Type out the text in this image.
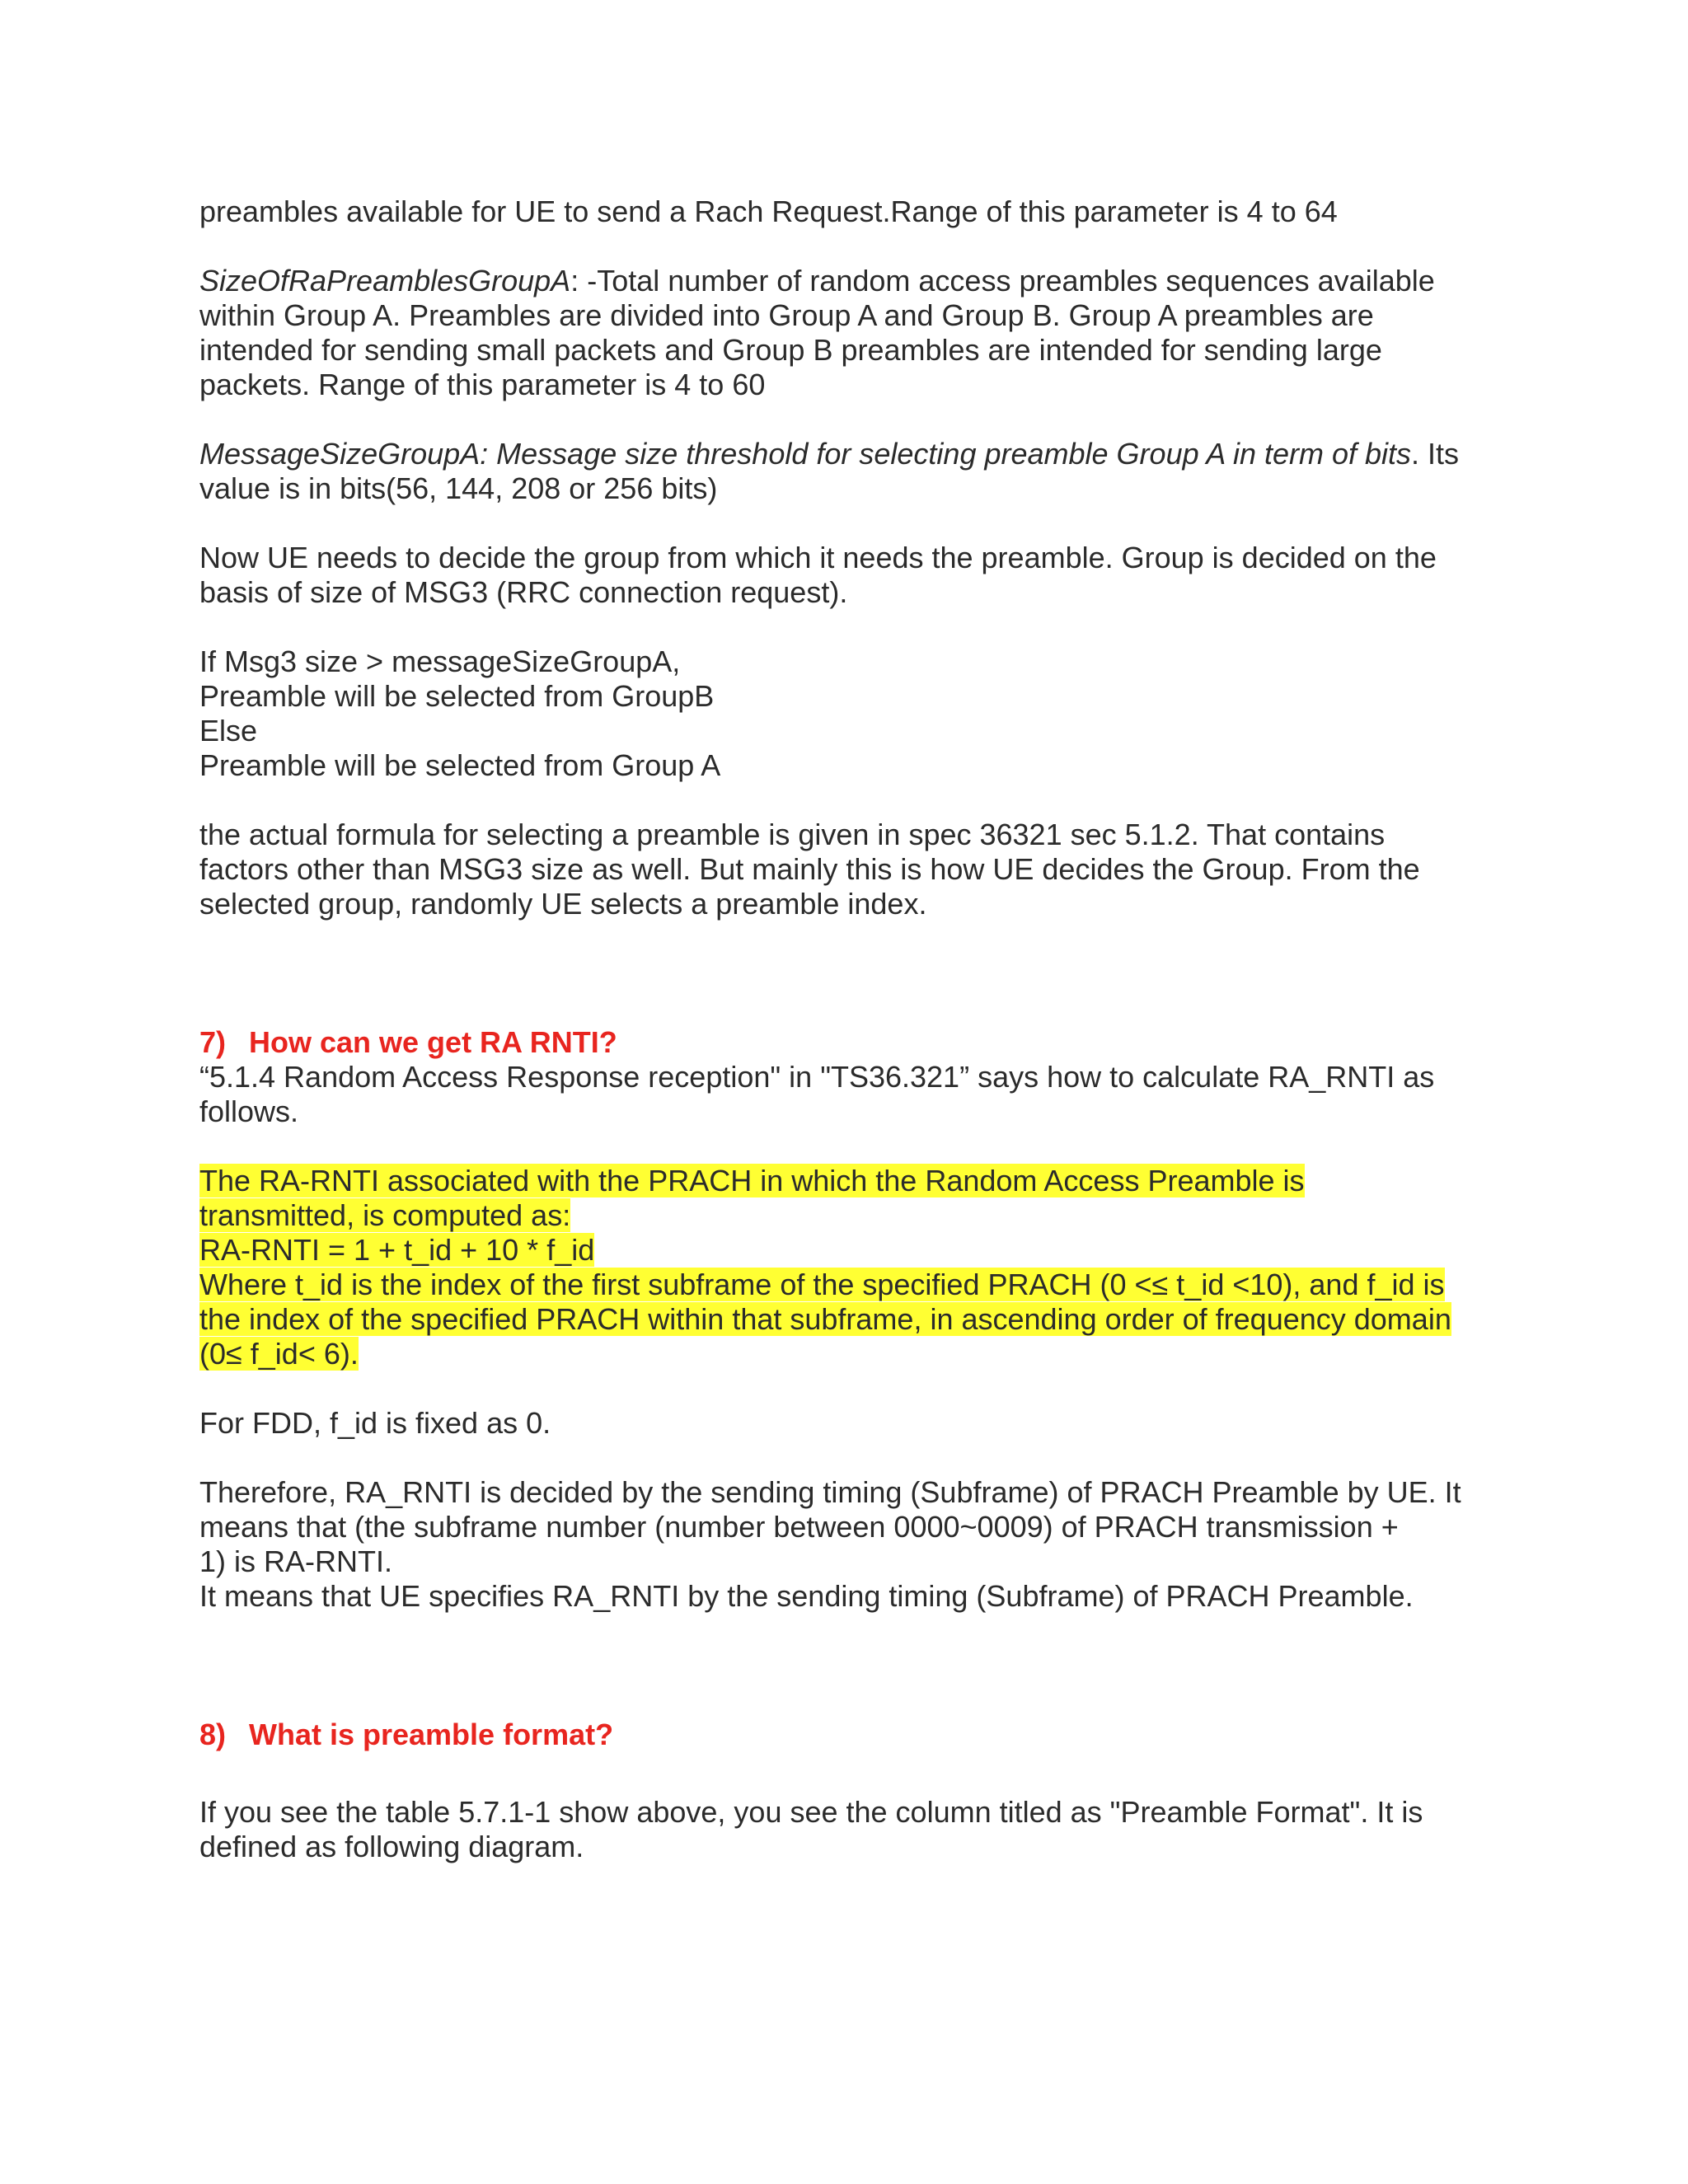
preambles available for UE to send a Rach Request.Range of this parameter is 4 to 64

SizeOfRaPreamblesGroupA: -Total number of random access preambles sequences available
within Group A. Preambles are divided into Group A and Group B. Group A preambles are
intended for sending small packets and Group B preambles are intended for sending large
packets. Range of this parameter is 4 to 60

MessageSizeGroupA: Message size threshold for selecting preamble Group A in term of bits. Its
value is in bits(56, 144, 208 or 256 bits)

Now UE needs to decide the group from which it needs the preamble. Group is decided on the
basis of size of MSG3 (RRC connection request).

If Msg3 size > messageSizeGroupA,
Preamble will be selected from GroupB
Else
Preamble will be selected from Group A

the actual formula for selecting a preamble is given in spec 36321 sec 5.1.2. That contains
factors other than MSG3 size as well. But mainly this is how UE decides the Group. From the
selected group, randomly UE selects a preamble index.

7) How can we get RA RNTI?

“5.1.4 Random Access Response reception" in "TS36.321” says how to calculate RA_RNTI as
follows.

The RA-RNTI associated with the PRACH in which the Random Access Preamble is
transmitted, is computed as:
RA-RNTI = 1 + t_id + 10 * f_id
Where t_id is the index of the first subframe of the specified PRACH (0 <≤ t_id <10), and f_id is
the index of the specified PRACH within that subframe, in ascending order of frequency domain
(0≤ f_id< 6).

For FDD, f_id is fixed as 0.

Therefore, RA_RNTI is decided by the sending timing (Subframe) of PRACH Preamble by UE. It
means that (the subframe number (number between 0000~0009) of PRACH transmission +
1) is RA-RNTI.
It means that UE specifies RA_RNTI by the sending timing (Subframe) of PRACH Preamble.

8) What is preamble format?

If you see the table 5.7.1-1 show above, you see the column titled as "Preamble Format". It is
defined as following diagram.
